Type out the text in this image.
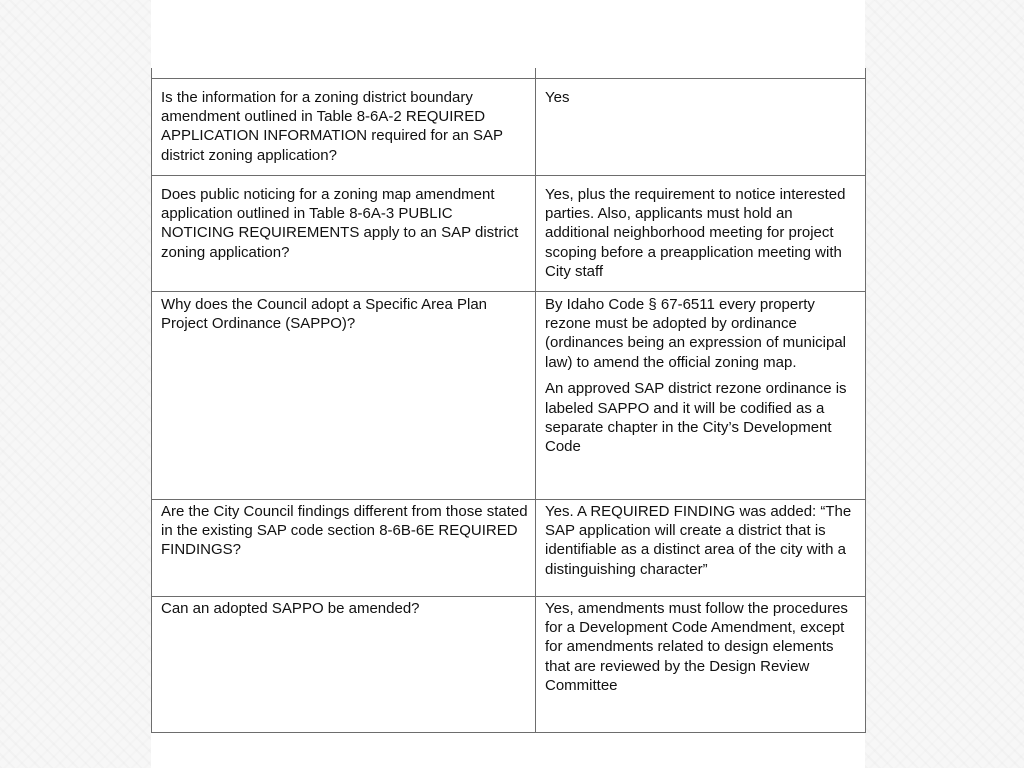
Is the information for a zoning district boundary amendment outlined in Table 8-6A-2 REQUIRED APPLICATION INFORMATION required for an SAP district zoning application?	Yes

Does public noticing for a zoning map amendment application outlined in Table 8-6A-3 PUBLIC NOTICING REQUIREMENTS apply to an SAP district zoning application?	Yes, plus the requirement to notice interested parties. Also, applicants must hold an additional neighborhood meeting for project scoping before a preapplication meeting with City staff

Why does the Council adopt a Specific Area Plan Project Ordinance (SAPPO)?	By Idaho Code § 67-6511 every property rezone must be adopted by ordinance (ordinances being an expression of municipal law) to amend the official zoning map.

An approved SAP district rezone ordinance is labeled SAPPO and it will be codified as a separate chapter in the City’s Development Code

Are the City Council findings different from those stated in the existing SAP code section 8-6B-6E REQUIRED FINDINGS?	Yes. A REQUIRED FINDING was added: “The SAP application will create a district that is identifiable as a distinct area of the city with a distinguishing character”

Can an adopted SAPPO be amended?	Yes, amendments must follow the procedures for a Development Code Amendment, except for amendments related to design elements that are reviewed by the Design Review Committee
